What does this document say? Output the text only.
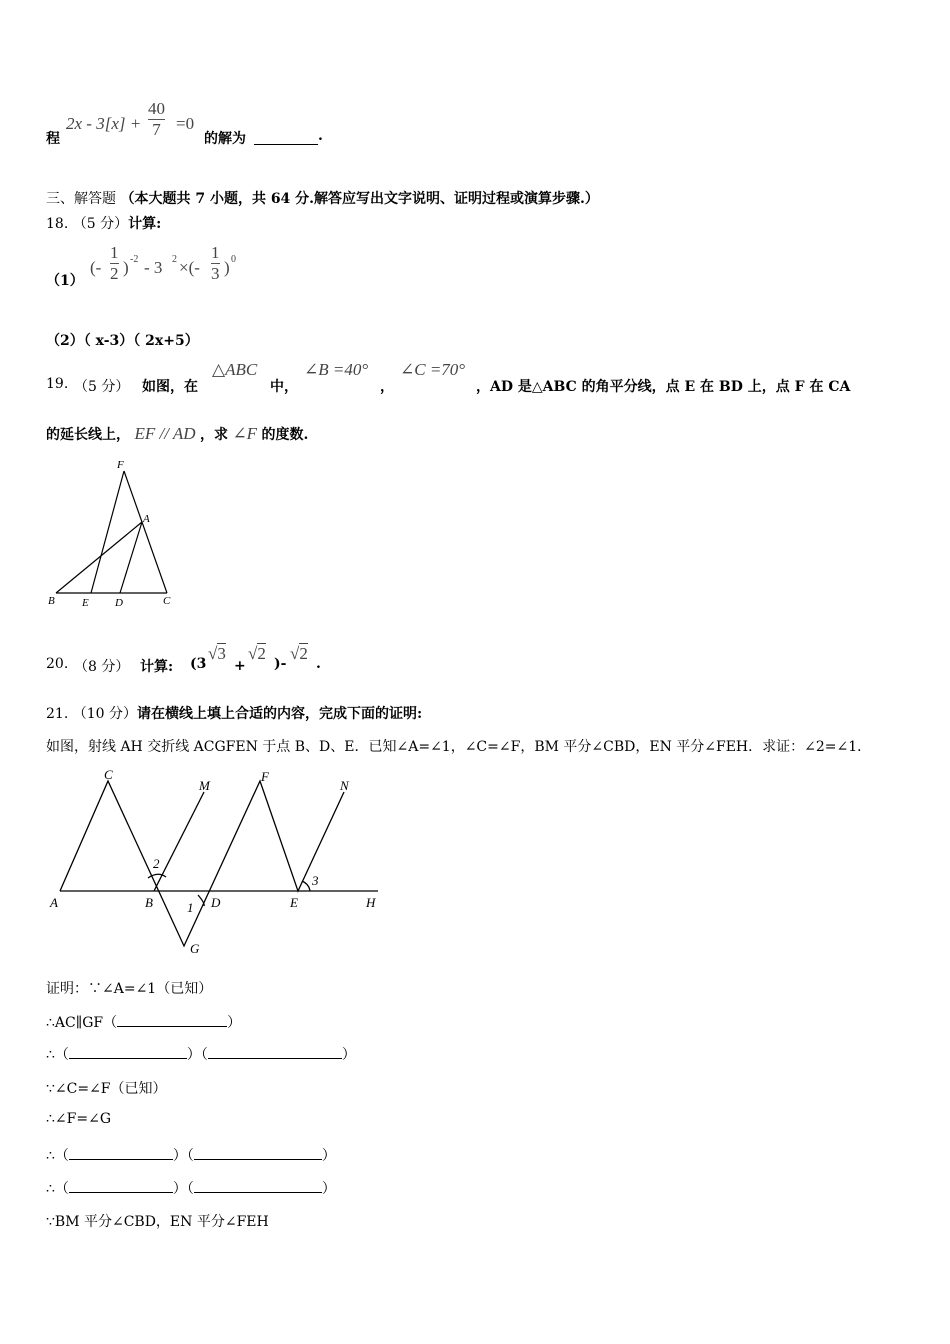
程
2x - 3[x] +
40
7 =0
的解为	.
三、解答题 （本大题共 7 小题，共 64 分.解答应写出文字说明、证明过程或演算步骤.）
18. （5 分）计算:
（1）
(-
1
2 ) -2 - 3 2 ×(-
1
3 ) 0
（2）（ x-3）（ 2x+5）
19. （5 分） 如图，在
△ABC
中，
∠B =40°
，
∠C =70°
，AD 是△ABC 的角平分线，点 E 在 BD 上，点 F 在 CA
的延长线上， EF // AD ，求 ∠F 的度数.
F
A
B E D	C
20. （8 分） 计算: (3
√3
+
√2
)-
√2
.
21. （10 分）请在横线上填上合适的内容，完成下面的证明:
如图，射线 AH 交折线 ACGFEN 于点 B、D、E．已知∠A=∠1，∠C=∠F，BM 平分∠CBD，EN 平分∠FEH．求证：∠2=∠1．
C
M
F
N
A	B	D	E	H
G
1
2
3
证明：∵∠A=∠1（已知）
∴AC∥GF（	）
∴（	）（	）
∵∠C=∠F（已知）
∴∠F=∠G
∴（	）（	）
∴（	）（	）
∵BM 平分∠CBD，EN 平分∠FEH
